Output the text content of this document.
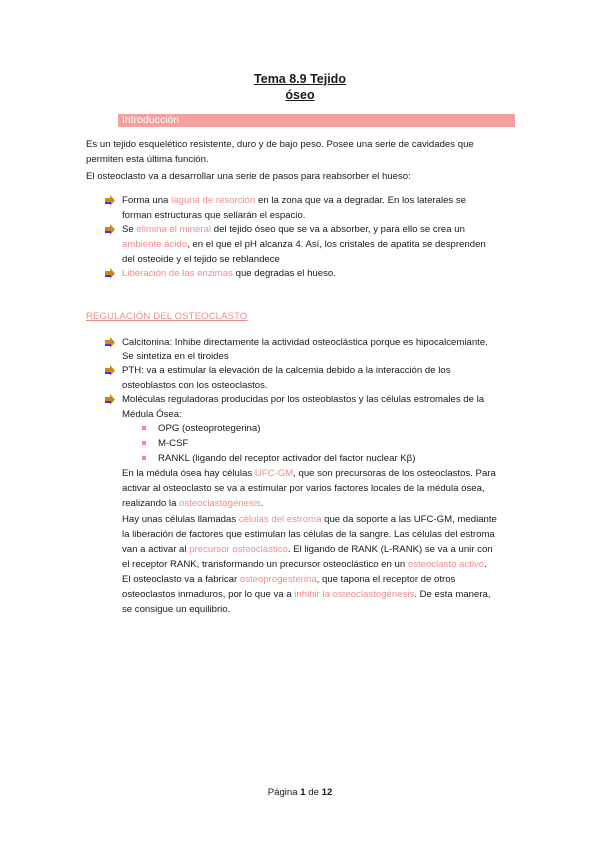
Tema 8.9 Tejido
óseo
Introducción
Es un tejido esquelético resistente, duro y de bajo peso. Posee una serie de cavidades que
permiten esta última función.
El osteoclasto va a desarrollar una serie de pasos para reabsorber el hueso:
Forma una laguna de resorción en la zona que va a degradar. En los laterales se
forman estructuras que sellarán el espacio.
Se elimina el mineral del tejido óseo que se va a absorber, y para ello se crea un
ambiente ácido, en el que el pH alcanza 4. Así, los cristales de apatita se desprenden
del osteoide y el tejido se reblandece
Liberación de las enzimas que degradas el hueso.
REGULACIÓN DEL OSTEOCLASTO
Calcitonina: Inhibe directamente la actividad osteoclástica porque es hipocalcemiante.
Se sintetiza en el tiroides
PTH: va a estimular la elevación de la calcemia debido a la interacción de los
osteoblastos con los osteoclastos.
Moléculas reguladoras producidas por los osteoblastos y las células estromales de la
Médula Ósea:
OPG (osteoprotegerina)
M-CSF
RANKL (ligando del receptor activador del factor nuclear Kβ)
En la médula ósea hay células UFC-GM, que son precursoras de los osteoclastos. Para
activar al osteoclasto se va a estimular por varios factores locales de la médula ósea,
realizando la osteoclastogénesis.
Hay unas células llamadas células del estroma que da soporte a las UFC-GM, mediante
la liberación de factores que estimulan las células de la sangre. Las células del estroma
van a activar al precursor osteoclástico. El ligando de RANK (L-RANK) se va a unir con
el receptor RANK, transformando un precursor osteoclástico en un osteoclasto activo.
El osteoclasto va a fabricar osteoprogesterina, que tapona el receptor de otros
osteoclastos inmaduros, por lo que va a inhibir la osteoclastogénesis. De esta manera,
se consigue un equilibrio.
Página 1 de 12
